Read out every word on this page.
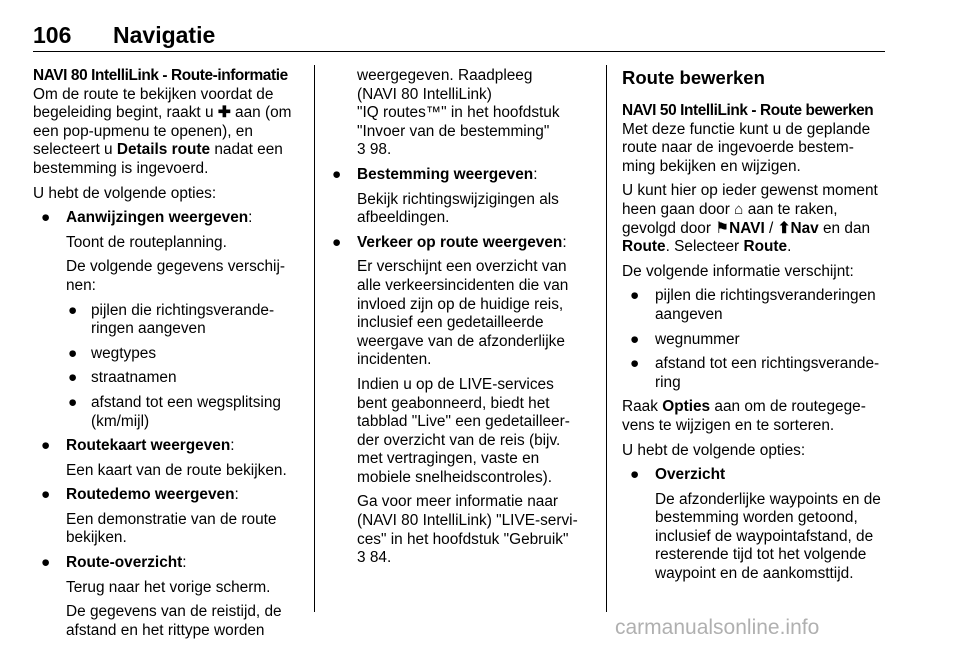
106 Navigatie
NAVI 80 IntelliLink - Route-informatie
Om de route te bekijken voordat de
begeleiding begint, raakt u ✚ aan (om
een pop-upmenu te openen), en
selecteert u Details route nadat een
bestemming is ingevoerd.
U hebt de volgende opties:
● Aanwijzingen weergeven:
Toont de routeplanning.
De volgende gegevens verschij-
nen:
● pijlen die richtingsverande-
ringen aangeven
● wegtypes
● straatnamen
● afstand tot een wegsplitsing
(km/mijl)
● Routekaart weergeven:
Een kaart van de route bekijken.
● Routedemo weergeven:
Een demonstratie van de route
bekijken.
● Route-overzicht:
Terug naar het vorige scherm.
De gegevens van de reistijd, de
afstand en het rittype worden
weergegeven. Raadpleeg
(NAVI 80 IntelliLink)
"IQ routes™" in het hoofdstuk
"Invoer van de bestemming"
3 98.
● Bestemming weergeven:
Bekijk richtingswijzigingen als
afbeeldingen.
● Verkeer op route weergeven:
Er verschijnt een overzicht van
alle verkeersincidenten die van
invloed zijn op de huidige reis,
inclusief een gedetailleerde
weergave van de afzonderlijke
incidenten.
Indien u op de LIVE-services
bent geabonneerd, biedt het
tabblad "Live" een gedetailleer-
der overzicht van de reis (bijv.
met vertragingen, vaste en
mobiele snelheidscontroles).
Ga voor meer informatie naar
(NAVI 80 IntelliLink) "LIVE-servi-
ces" in het hoofdstuk "Gebruik"
3 84.
Route bewerken
NAVI 50 IntelliLink - Route bewerken
Met deze functie kunt u de geplande
route naar de ingevoerde bestem-
ming bekijken en wijzigen.
U kunt hier op ieder gewenst moment
heen gaan door ⌂ aan te raken,
gevolgd door ⚑NAVI / ⬆Nav en dan
Route. Selecteer Route.
De volgende informatie verschijnt:
● pijlen die richtingsveranderingen
aangeven
● wegnummer
● afstand tot een richtingsverande-
ring
Raak Opties aan om de routegege-
vens te wijzigen en te sorteren.
U hebt de volgende opties:
● Overzicht
De afzonderlijke waypoints en de
bestemming worden getoond,
inclusief de waypointafstand, de
resterende tijd tot het volgende
waypoint en de aankomsttijd.
carmanualsonline.info
